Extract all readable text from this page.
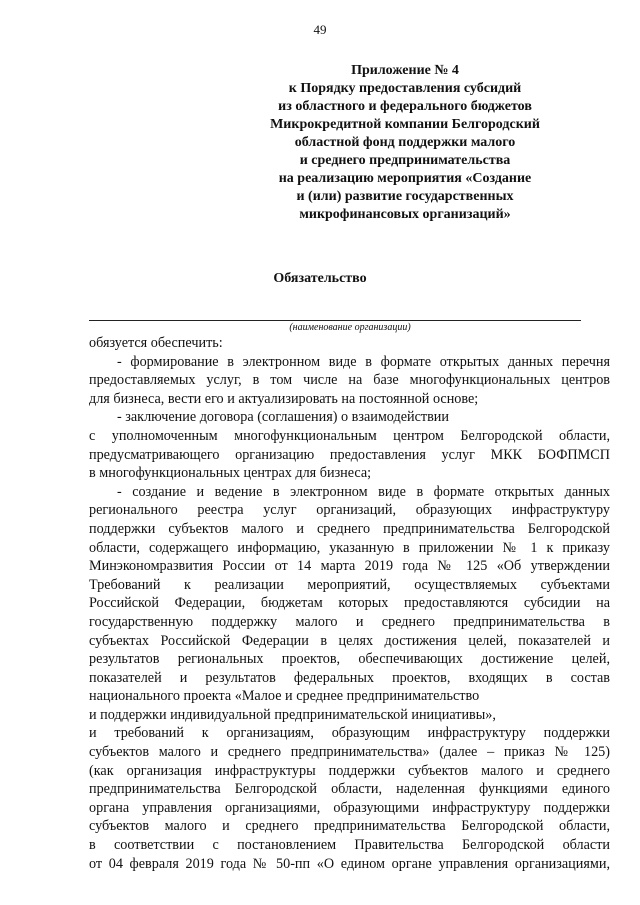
49
Приложение № 4
к Порядку предоставления субсидий
из областного и федерального бюджетов
Микрокредитной компании Белгородский
областной фонд поддержки малого
и среднего предпринимательства
на реализацию мероприятия «Создание
и (или) развитие государственных
микрофинансовых организаций»
Обязательство
(наименование организации)
обязуется обеспечить:
- формирование в электронном виде в формате открытых данных перечня
предоставляемых услуг, в том числе на базе многофункциональных центров
для бизнеса, вести его и актуализировать на постоянной основе;
- заключение договора (соглашения) о взаимодействии
с уполномоченным многофункциональным центром Белгородской области,
предусматривающего организацию предоставления услуг МКК БОФПМСП
в многофункциональных центрах для бизнеса;
- создание и ведение в электронном виде в формате открытых данных
регионального реестра услуг организаций, образующих инфраструктуру
поддержки субъектов малого и среднего предпринимательства Белгородской
области, содержащего информацию, указанную в приложении № 1 к приказу
Минэкономразвития России от 14 марта 2019 года № 125 «Об утверждении
Требований к реализации мероприятий, осуществляемых субъектами
Российской Федерации, бюджетам которых предоставляются субсидии на
государственную поддержку малого и среднего предпринимательства в
субъектах Российской Федерации в целях достижения целей, показателей и
результатов региональных проектов, обеспечивающих достижение целей,
показателей и результатов федеральных проектов, входящих в состав
национального проекта «Малое и среднее предпринимательство
и поддержки индивидуальной предпринимательской инициативы»,
и требований к организациям, образующим инфраструктуру поддержки
субъектов малого и среднего предпринимательства» (далее – приказ № 125)
(как организация инфраструктуры поддержки субъектов малого и среднего
предпринимательства Белгородской области, наделенная функциями единого
органа управления организациями, образующими инфраструктуру поддержки
субъектов малого и среднего предпринимательства Белгородской области,
в соответствии с постановлением Правительства Белгородской области
от 04 февраля 2019 года № 50-пп «О едином органе управления организациями,
